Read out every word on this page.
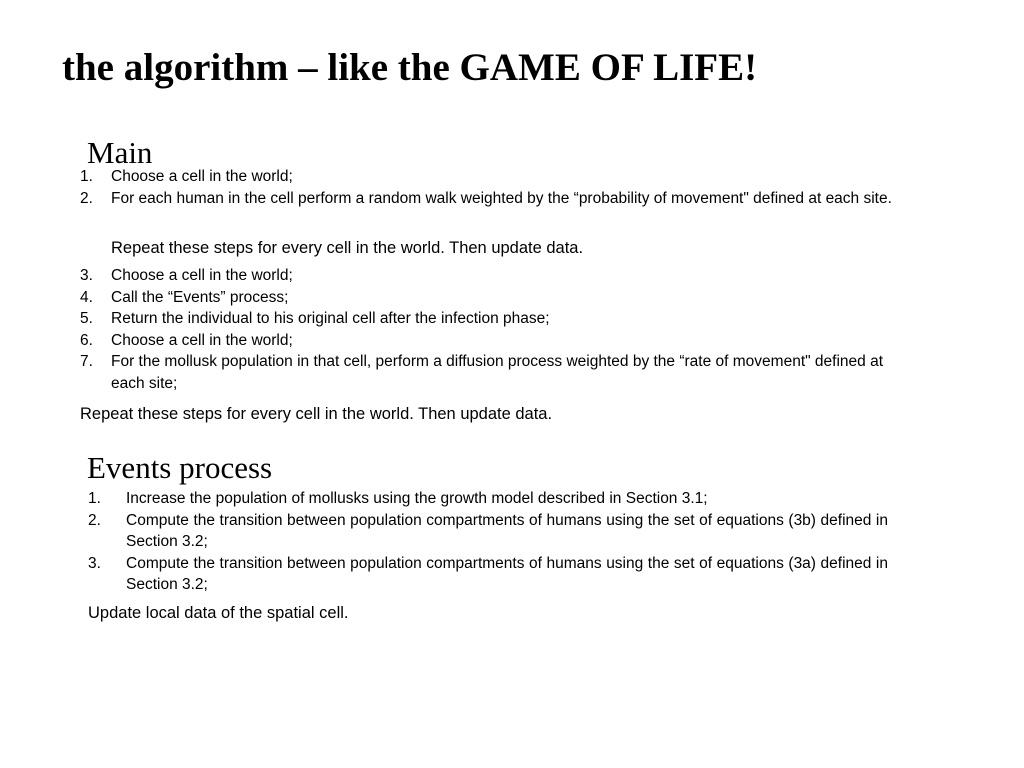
the algorithm – like the GAME OF LIFE!
Main
1. Choose a cell in the world;
2. For each human in the cell perform a random walk weighted by the “probability of movement" defined at each site.

Repeat these steps for every cell in the world. Then update data.

3. Choose a cell in the world;
4. Call the “Events” process;
5. Return the individual to his original cell after the infection phase;
6. Choose a cell in the world;
7. For the mollusk population in that cell, perform a diffusion process weighted by the “rate of movement" defined at each site;

Repeat these steps for every cell in the world. Then update data.

Events process
1. Increase the population of mollusks using the growth model described in Section 3.1;
2. Compute the transition between population compartments of humans using the set of equations (3b) defined in Section 3.2;
3. Compute the transition between population compartments of humans using the set of equations (3a) defined in Section 3.2;

Update local data of the spatial cell.
